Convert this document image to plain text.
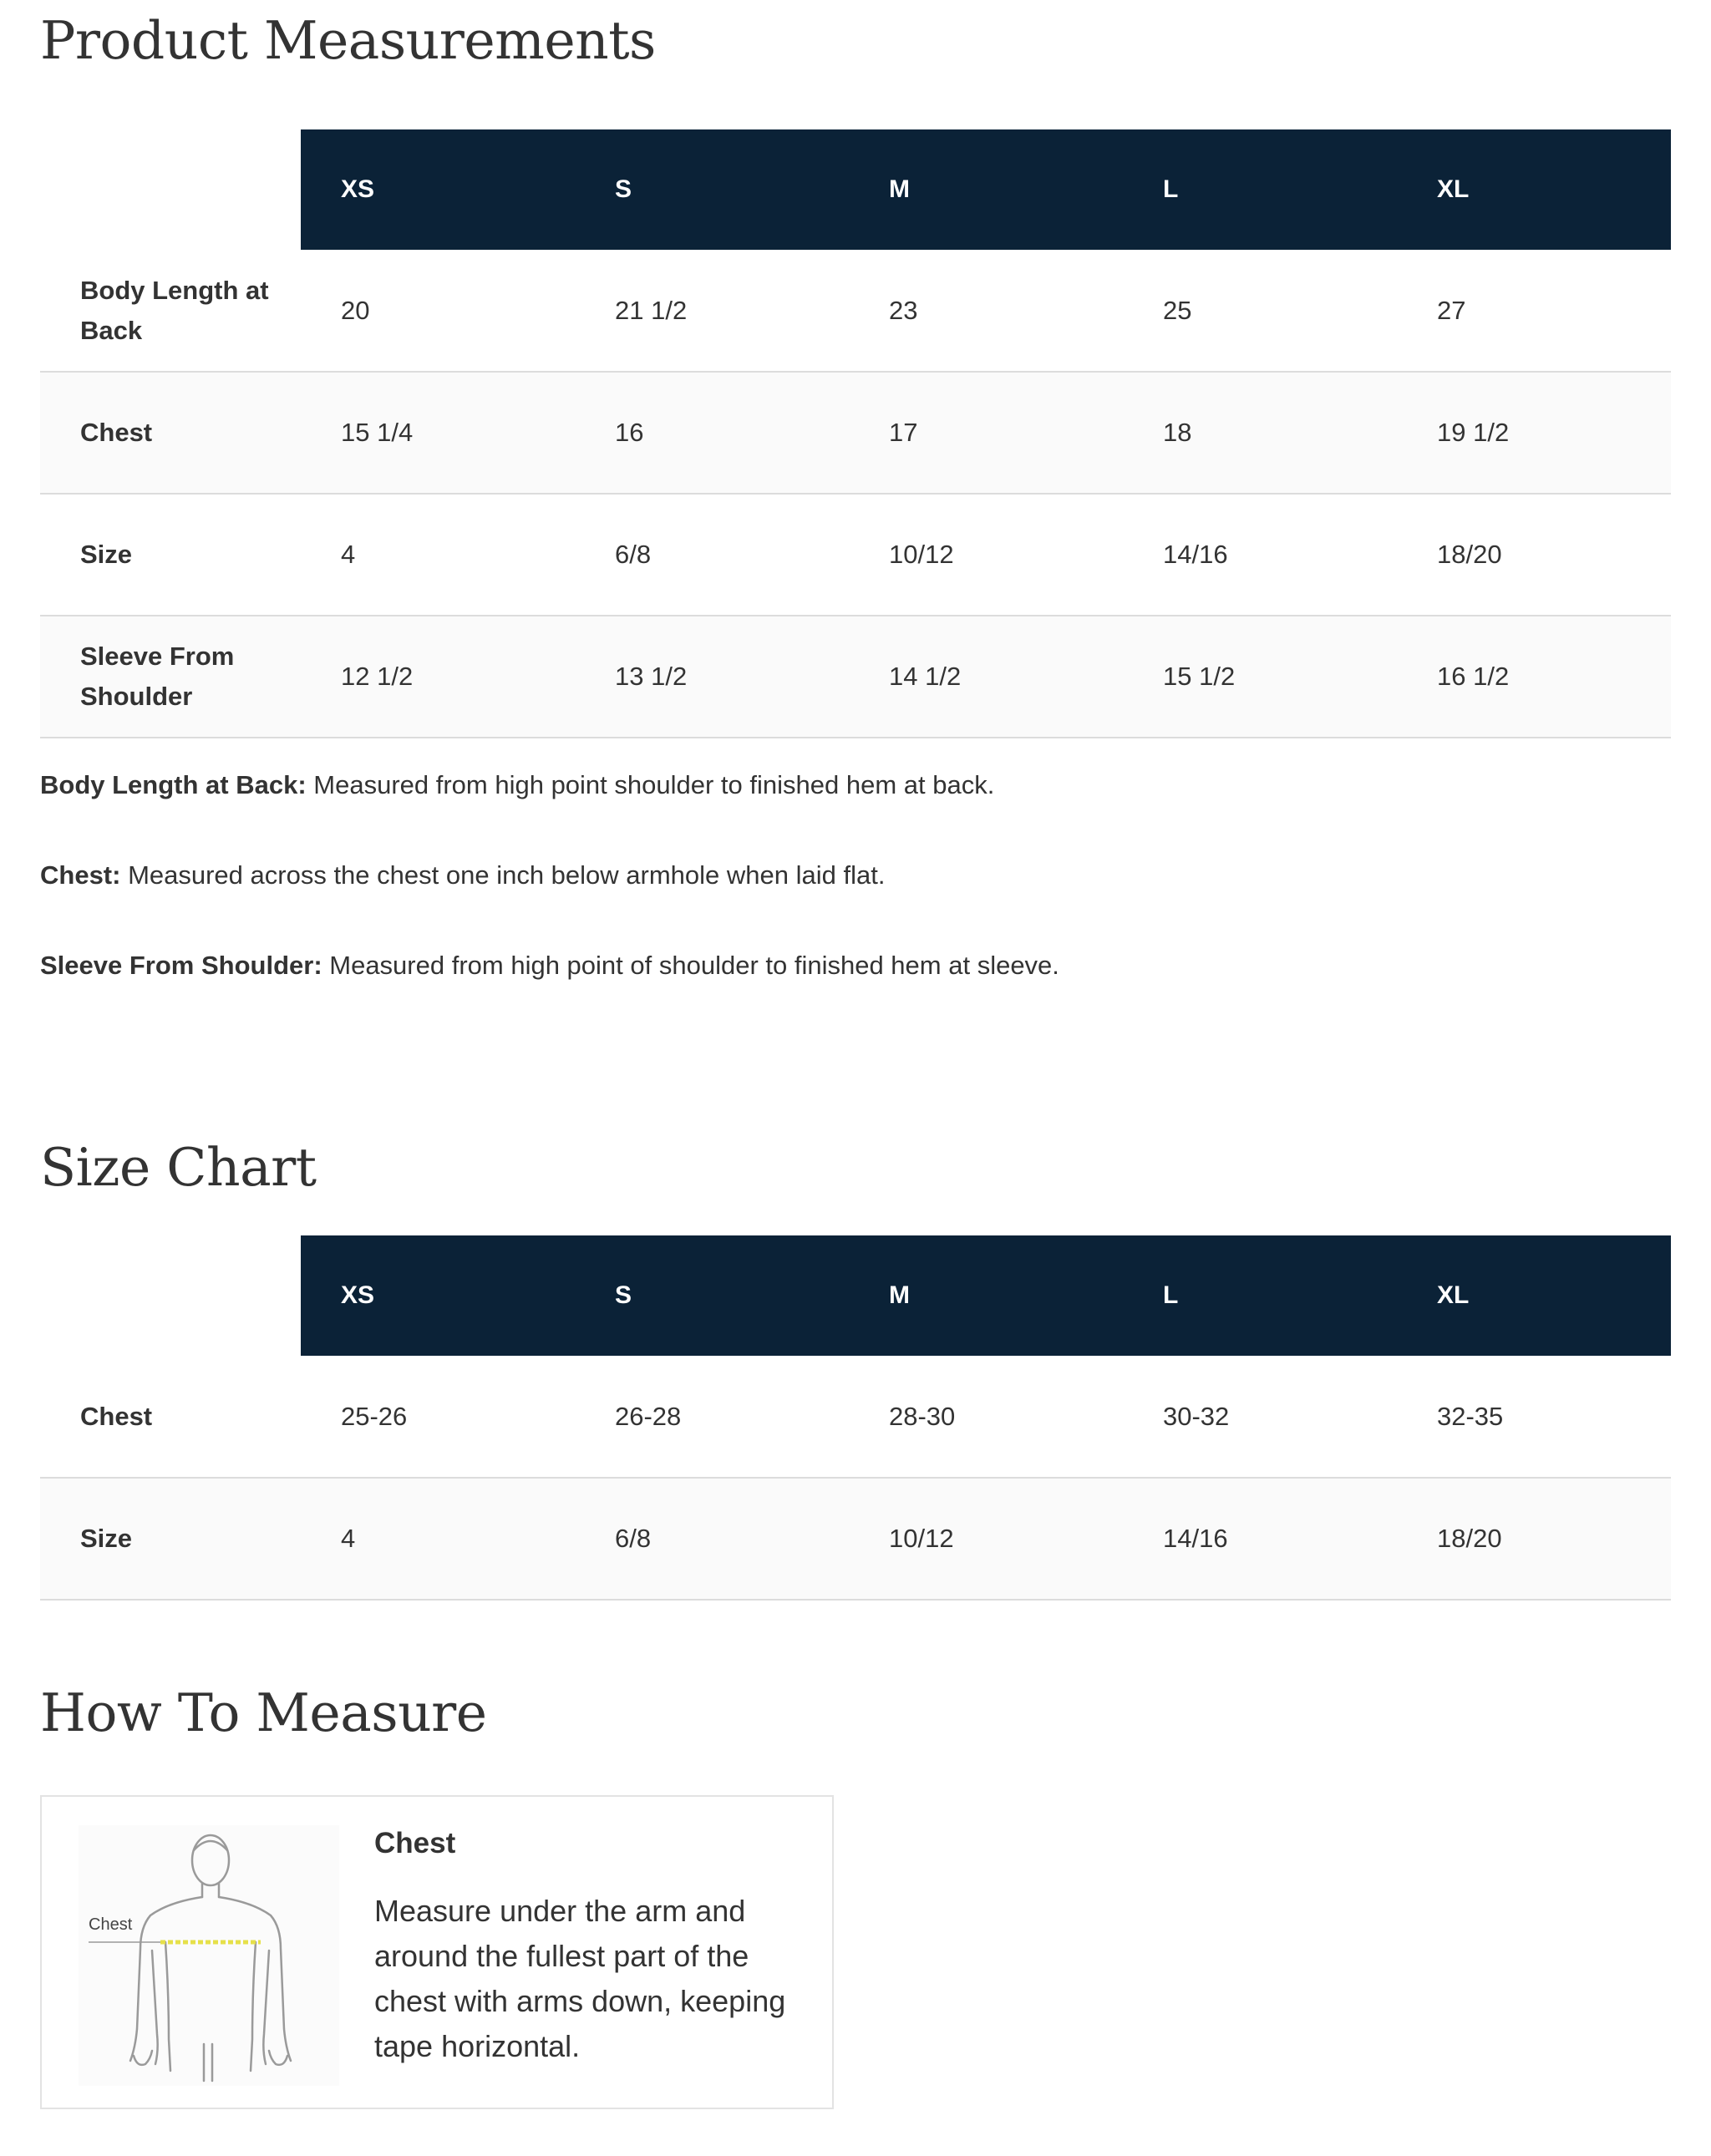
Product Measurements
	XS	S	M	L	XL
Body Length at Back	20	21 1/2	23	25	27
Chest	15 1/4	16	17	18	19 1/2
Size	4	6/8	10/12	14/16	18/20
Sleeve From Shoulder	12 1/2	13 1/2	14 1/2	15 1/2	16 1/2

Body Length at Back: Measured from high point shoulder to finished hem at back.

Chest: Measured across the chest one inch below armhole when laid flat.

Sleeve From Shoulder: Measured from high point of shoulder to finished hem at sleeve.

Size Chart
	XS	S	M	L	XL
Chest	25-26	26-28	28-30	30-32	32-35
Size	4	6/8	10/12	14/16	18/20
How To Measure
Chest
Chest
Measure under the arm and around the fullest part of the chest with arms down, keeping tape horizontal.
